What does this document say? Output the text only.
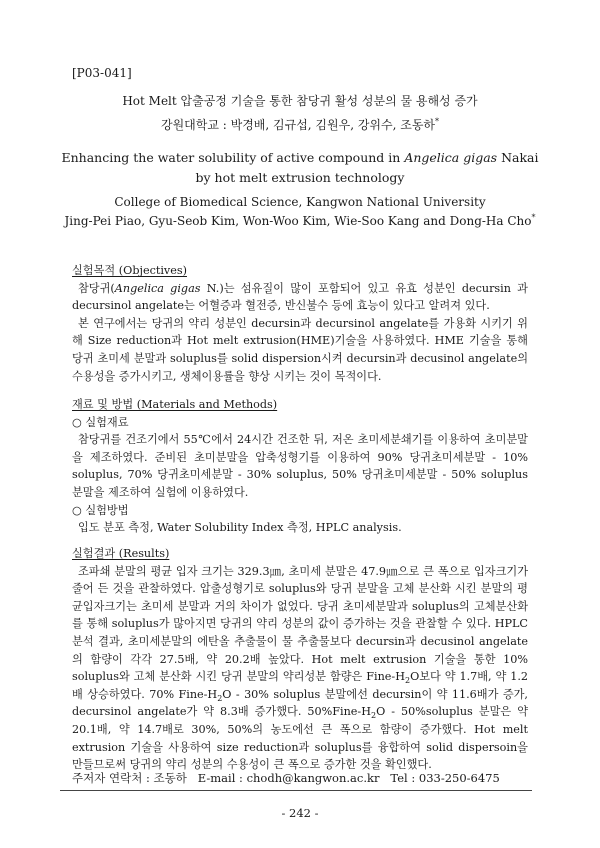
[P03-041]
Hot Melt 압출공정 기술을 통한 참당귀 활성 성분의 물 용해성 증가
강원대학교 : 박경배, 김규섭, 김원우, 강위수, 조동하*
Enhancing the water solubility of active compound in Angelica gigas Nakai by hot melt extrusion technology
College of Biomedical Science, Kangwon National University
Jing-Pei Piao, Gyu-Seob Kim, Won-Woo Kim, Wie-Soo Kang and Dong-Ha Cho*
실험목적 (Objectives)
참당귀(Angelica gigas N.)는 섬유질이 많이 포함되어 있고 유효 성분인 decursin 과 decursinol angelate는 어혈증과 혈전증, 반신불수 등에 효능이 있다고 알려져 있다.
본 연구에서는 당귀의 약리 성분인 decursin과 decursinol angelate를 가용화 시키기 위해 Size reduction과 Hot melt extrusion(HME)기술을 사용하였다. HME 기술을 통해 당귀 초미세 분말과 soluplus를 solid dispersion시켜 decursin과 decusinol angelate의 수용성을 증가시키고, 생체이용률을 향상 시키는 것이 목적이다.
재료 및 방법 (Materials and Methods)
○ 실험재료
참당귀를 건조기에서 55℃에서 24시간 건조한 뒤, 저온 초미세분쇄기를 이용하여 초미분말을 제조하였다. 준비된 초미분말을 압축성형기를 이용하여 90% 당귀초미세분말 - 10% soluplus, 70% 당귀초미세분말 - 30% soluplus, 50% 당귀초미세분말 - 50% soluplus 분말을 제조하여 실험에 이용하였다.
○ 실험방법
입도 분포 측정, Water Solubility Index 측정, HPLC analysis.
실험결과 (Results)
조파쇄 분말의 평균 입자 크기는 329.3㎛, 초미세 분말은 47.9㎛으로 큰 폭으로 입자크기가 줄어 든 것을 관찰하였다. 압출성형기로 soluplus와 당귀 분말을 고체 분산화 시킨 분말의 평균입자크기는 초미세 분말과 거의 차이가 없었다. 당귀 초미세분말과 soluplus의 고체분산화를 통해 soluplus가 많아지면 당귀의 약리 성분의 값이 증가하는 것을 관찰할 수 있다. HPLC 분석 결과, 초미세분말의 에탄올 추출물이 물 추출물보다 decursin과 decusinol angelate의 함량이 각각 27.5배, 약 20.2배 높았다. Hot melt extrusion 기술을 통한 10% soluplus와 고체 분산화 시킨 당귀 분말의 약리성분 함량은 Fine-$H_2O$보다 약 1.7배, 약 1.2배 상승하였다. 70% Fine-$H_2O - 30\%$ soluplus 분말에선 decursin이 약 11.6배가 증가, decursinol angelate가 약 8.3배 증가했다. $50\%Fine-H_2O$ - 50%soluplus 분말은 약 20.1배, 약 14.7배로 30%, 50%의 농도에선 큰 폭으로 함량이 증가했다. Hot melt extrusion 기술을 사용하여 size reduction과 soluplus를 융합하여 solid dispersoin을 만들므로써 당귀의 약리 성분의 수용성이 큰 폭으로 증가한 것을 확인했다.
주저자 연락처 : 조동하   E-mail : chodh@kangwon.ac.kr   Tel : 033-250-6475
- 242 -
